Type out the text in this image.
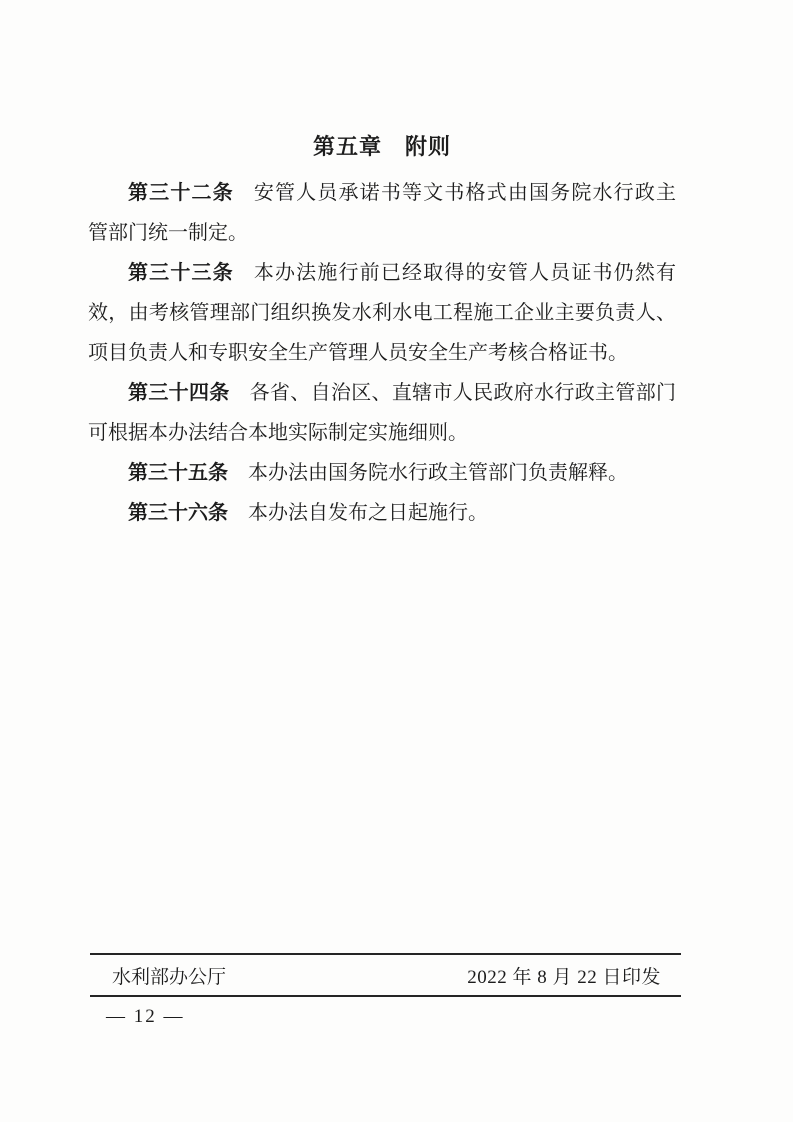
第五章　附则

第三十二条 安管人员承诺书等文书格式由国务院水行政主
管部门统一制定。

第三十三条 本办法施行前已经取得的安管人员证书仍然有
效，由考核管理部门组织换发水利水电工程施工企业主要负责人、
项目负责人和专职安全生产管理人员安全生产考核合格证书。

第三十四条 各省、自治区、直辖市人民政府水行政主管部门
可根据本办法结合本地实际制定实施细则。

第三十五条 本办法由国务院水行政主管部门负责解释。

第三十六条 本办法自发布之日起施行。

水利部办公厅	2022 年 8 月 22 日印发
— 12 —
